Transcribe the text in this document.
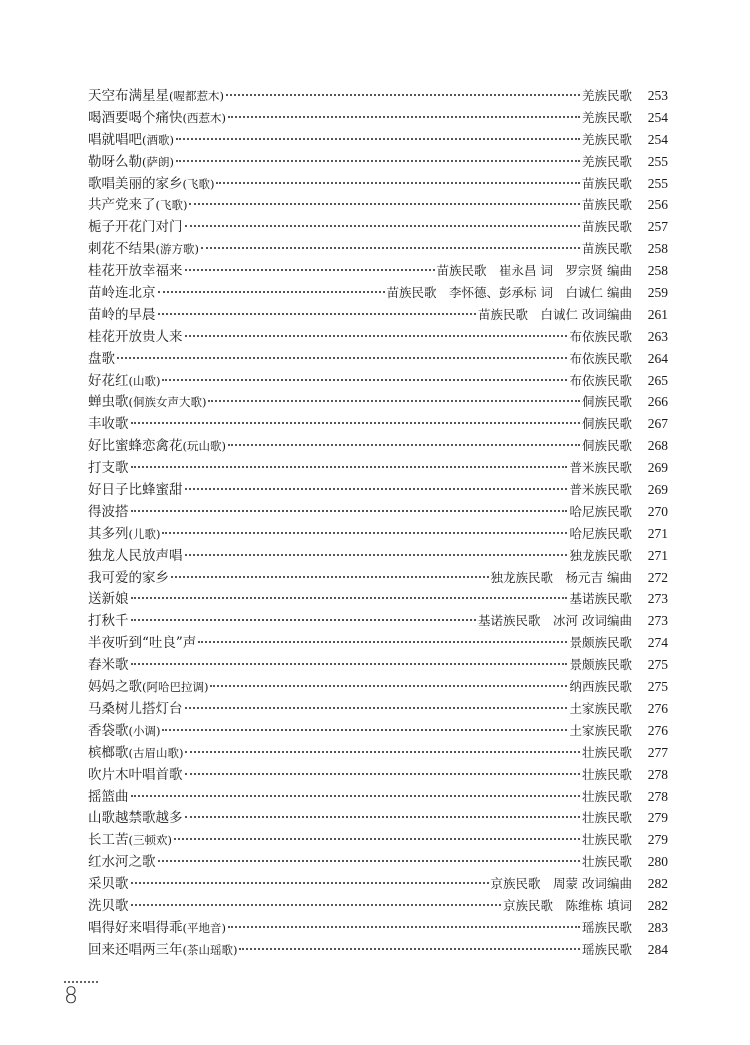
天空布满星星(喔都惹木)	羌族民歌	253
喝酒要喝个痛快(西惹木)	羌族民歌	254
唱就唱吧(酒歌)	羌族民歌	254
勒呀么勒(萨朗)	羌族民歌	255
歌唱美丽的家乡(飞歌)	苗族民歌	255
共产党来了(飞歌)	苗族民歌	256
栀子开花门对门	苗族民歌	257
刺花不结果(游方歌)	苗族民歌	258
桂花开放幸福来	苗族民歌　崔永昌 词　罗宗贤 编曲	258
苗岭连北京	苗族民歌　李怀德、彭承标 词　白诚仁 编曲	259
苗岭的早晨	苗族民歌　白诚仁 改词编曲	261
桂花开放贵人来	布依族民歌	263
盘歌	布依族民歌	264
好花红(山歌)	布依族民歌	265
蝉虫歌(侗族女声大歌)	侗族民歌	266
丰收歌	侗族民歌	267
好比蜜蜂恋禽花(玩山歌)	侗族民歌	268
打支歌	普米族民歌	269
好日子比蜂蜜甜	普米族民歌	269
得波搭	哈尼族民歌	270
其多列(儿歌)	哈尼族民歌	271
独龙人民放声唱	独龙族民歌	271
我可爱的家乡	独龙族民歌　杨元吉 编曲	272
送新娘	基诺族民歌	273
打秋千	基诺族民歌　冰河 改词编曲	273
半夜听到“吐良”声	景颇族民歌	274
舂米歌	景颇族民歌	275
妈妈之歌(阿哈巴拉调)	纳西族民歌	275
马桑树儿搭灯台	土家族民歌	276
香袋歌(小调)	土家族民歌	276
槟榔歌(古眉山歌)	壮族民歌	277
吹片木叶唱首歌	壮族民歌	278
摇篮曲	壮族民歌	278
山歌越禁歌越多	壮族民歌	279
长工苦(三顿欢)	壮族民歌	279
红水河之歌	壮族民歌	280
采贝歌	京族民歌　周蒙 改词编曲	282
洗贝歌	京族民歌　陈维栋 填词	282
唱得好来唱得乖(平地音)	瑶族民歌	283
回来还唱两三年(茶山瑶歌)	瑶族民歌	284
8
